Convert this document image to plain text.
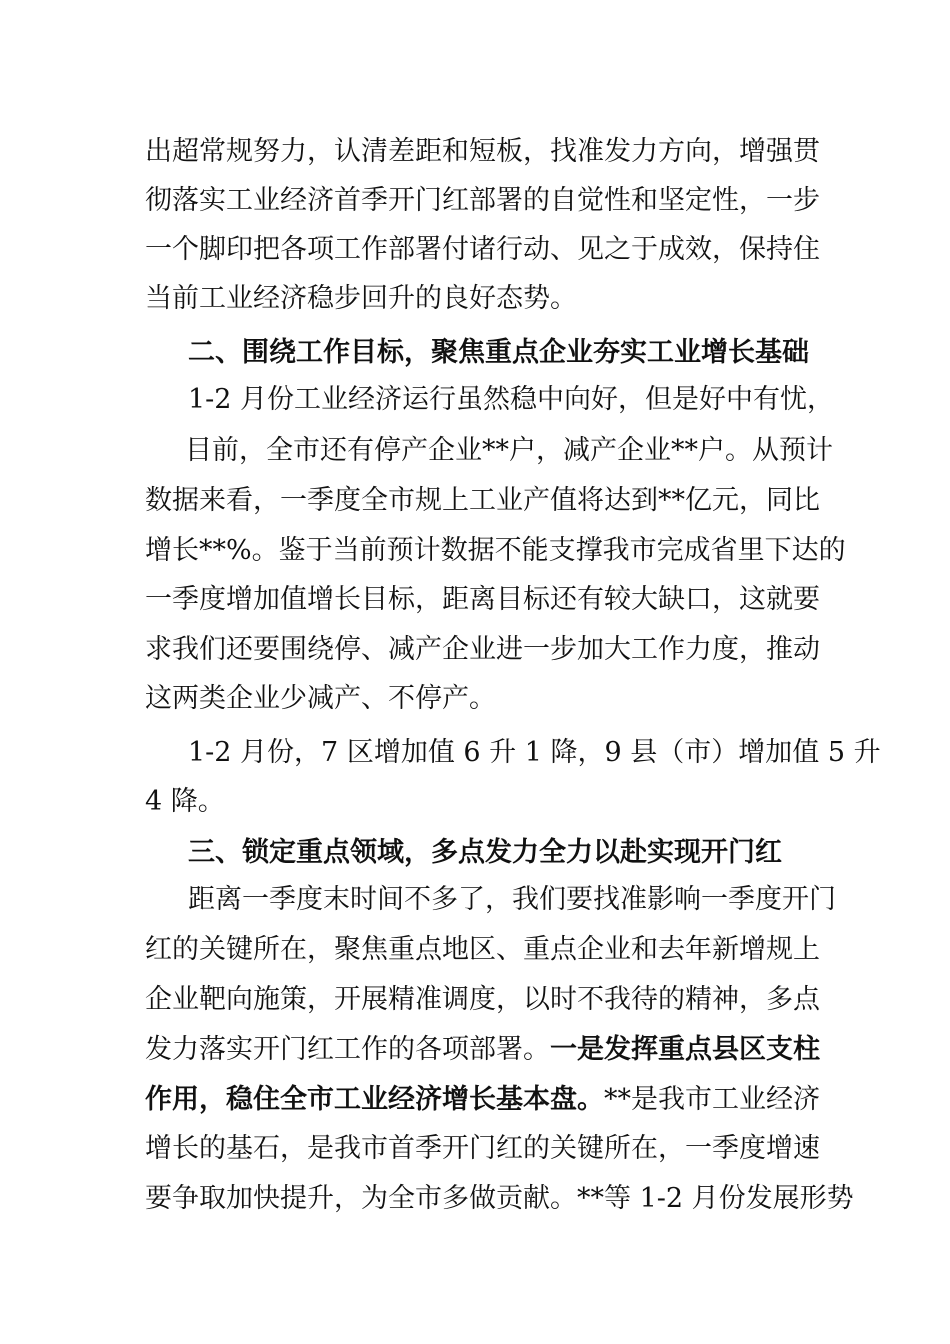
出超常规努力，认清差距和短板，找准发力方向，增强贯
彻落实工业经济首季开门红部署的自觉性和坚定性，一步
一个脚印把各项工作部署付诸行动、见之于成效，保持住
当前工业经济稳步回升的良好态势。
二、围绕工作目标，聚焦重点企业夯实工业增长基础
1-2 月份工业经济运行虽然稳中向好，但是好中有忧，
目前，全市还有停产企业**户，减产企业**户。从预计
数据来看，一季度全市规上工业产值将达到**亿元，同比
增长**%。鉴于当前预计数据不能支撑我市完成省里下达的
一季度增加值增长目标，距离目标还有较大缺口，这就要
求我们还要围绕停、减产企业进一步加大工作力度，推动
这两类企业少减产、不停产。
1-2 月份，7 区增加值 6 升 1 降，9 县（市）增加值 5 升
4 降。
三、锁定重点领域，多点发力全力以赴实现开门红
距离一季度末时间不多了，我们要找准影响一季度开门
红的关键所在，聚焦重点地区、重点企业和去年新增规上
企业靶向施策，开展精准调度，以时不我待的精神，多点
发力落实开门红工作的各项部署。一是发挥重点县区支柱
作用，稳住全市工业经济增长基本盘。**是我市工业经济
增长的基石，是我市首季开门红的关键所在，一季度增速
要争取加快提升，为全市多做贡献。**等 1-2 月份发展形势
